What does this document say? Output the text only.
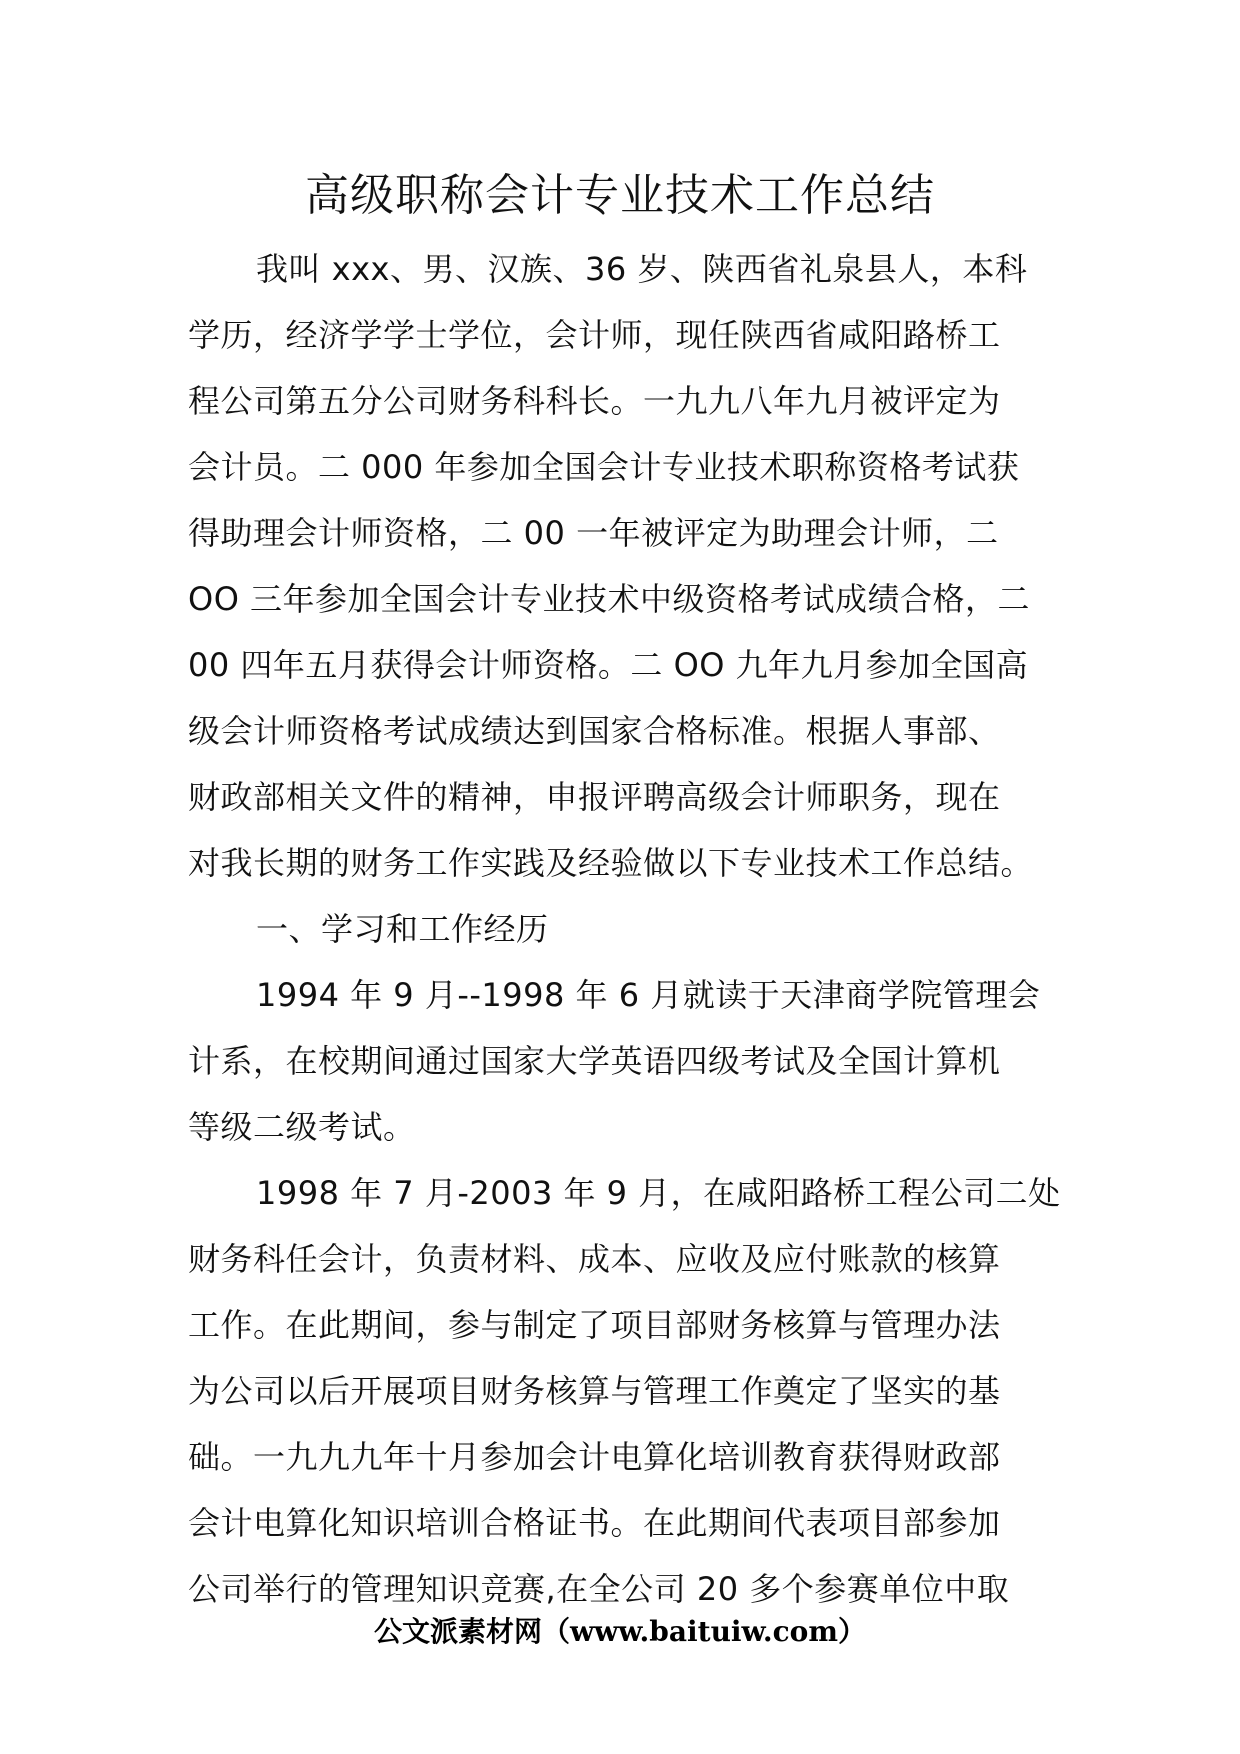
高级职称会计专业技术工作总结

我叫 xxx、男、汉族、36 岁、陕西省礼泉县人，本科
学历，经济学学士学位，会计师，现任陕西省咸阳路桥工
程公司第五分公司财务科科长。一九九八年九月被评定为
会计员。二 000 年参加全国会计专业技术职称资格考试获
得助理会计师资格，二 00 一年被评定为助理会计师，二
OO 三年参加全国会计专业技术中级资格考试成绩合格，二
00 四年五月获得会计师资格。二 OO 九年九月参加全国高
级会计师资格考试成绩达到国家合格标准。根据人事部、
财政部相关文件的精神，申报评聘高级会计师职务，现在
对我长期的财务工作实践及经验做以下专业技术工作总结。

一、学习和工作经历

1994 年 9 月--1998 年 6 月就读于天津商学院管理会
计系，在校期间通过国家大学英语四级考试及全国计算机
等级二级考试。

1998 年 7 月-2003 年 9 月，在咸阳路桥工程公司二处
财务科任会计，负责材料、成本、应收及应付账款的核算
工作。在此期间，参与制定了项目部财务核算与管理办法
为公司以后开展项目财务核算与管理工作奠定了坚实的基
础。一九九九年十月参加会计电算化培训教育获得财政部
会计电算化知识培训合格证书。在此期间代表项目部参加
公司举行的管理知识竞赛,在全公司 20 多个参赛单位中取

公文派素材网（www.baituiw.com）
